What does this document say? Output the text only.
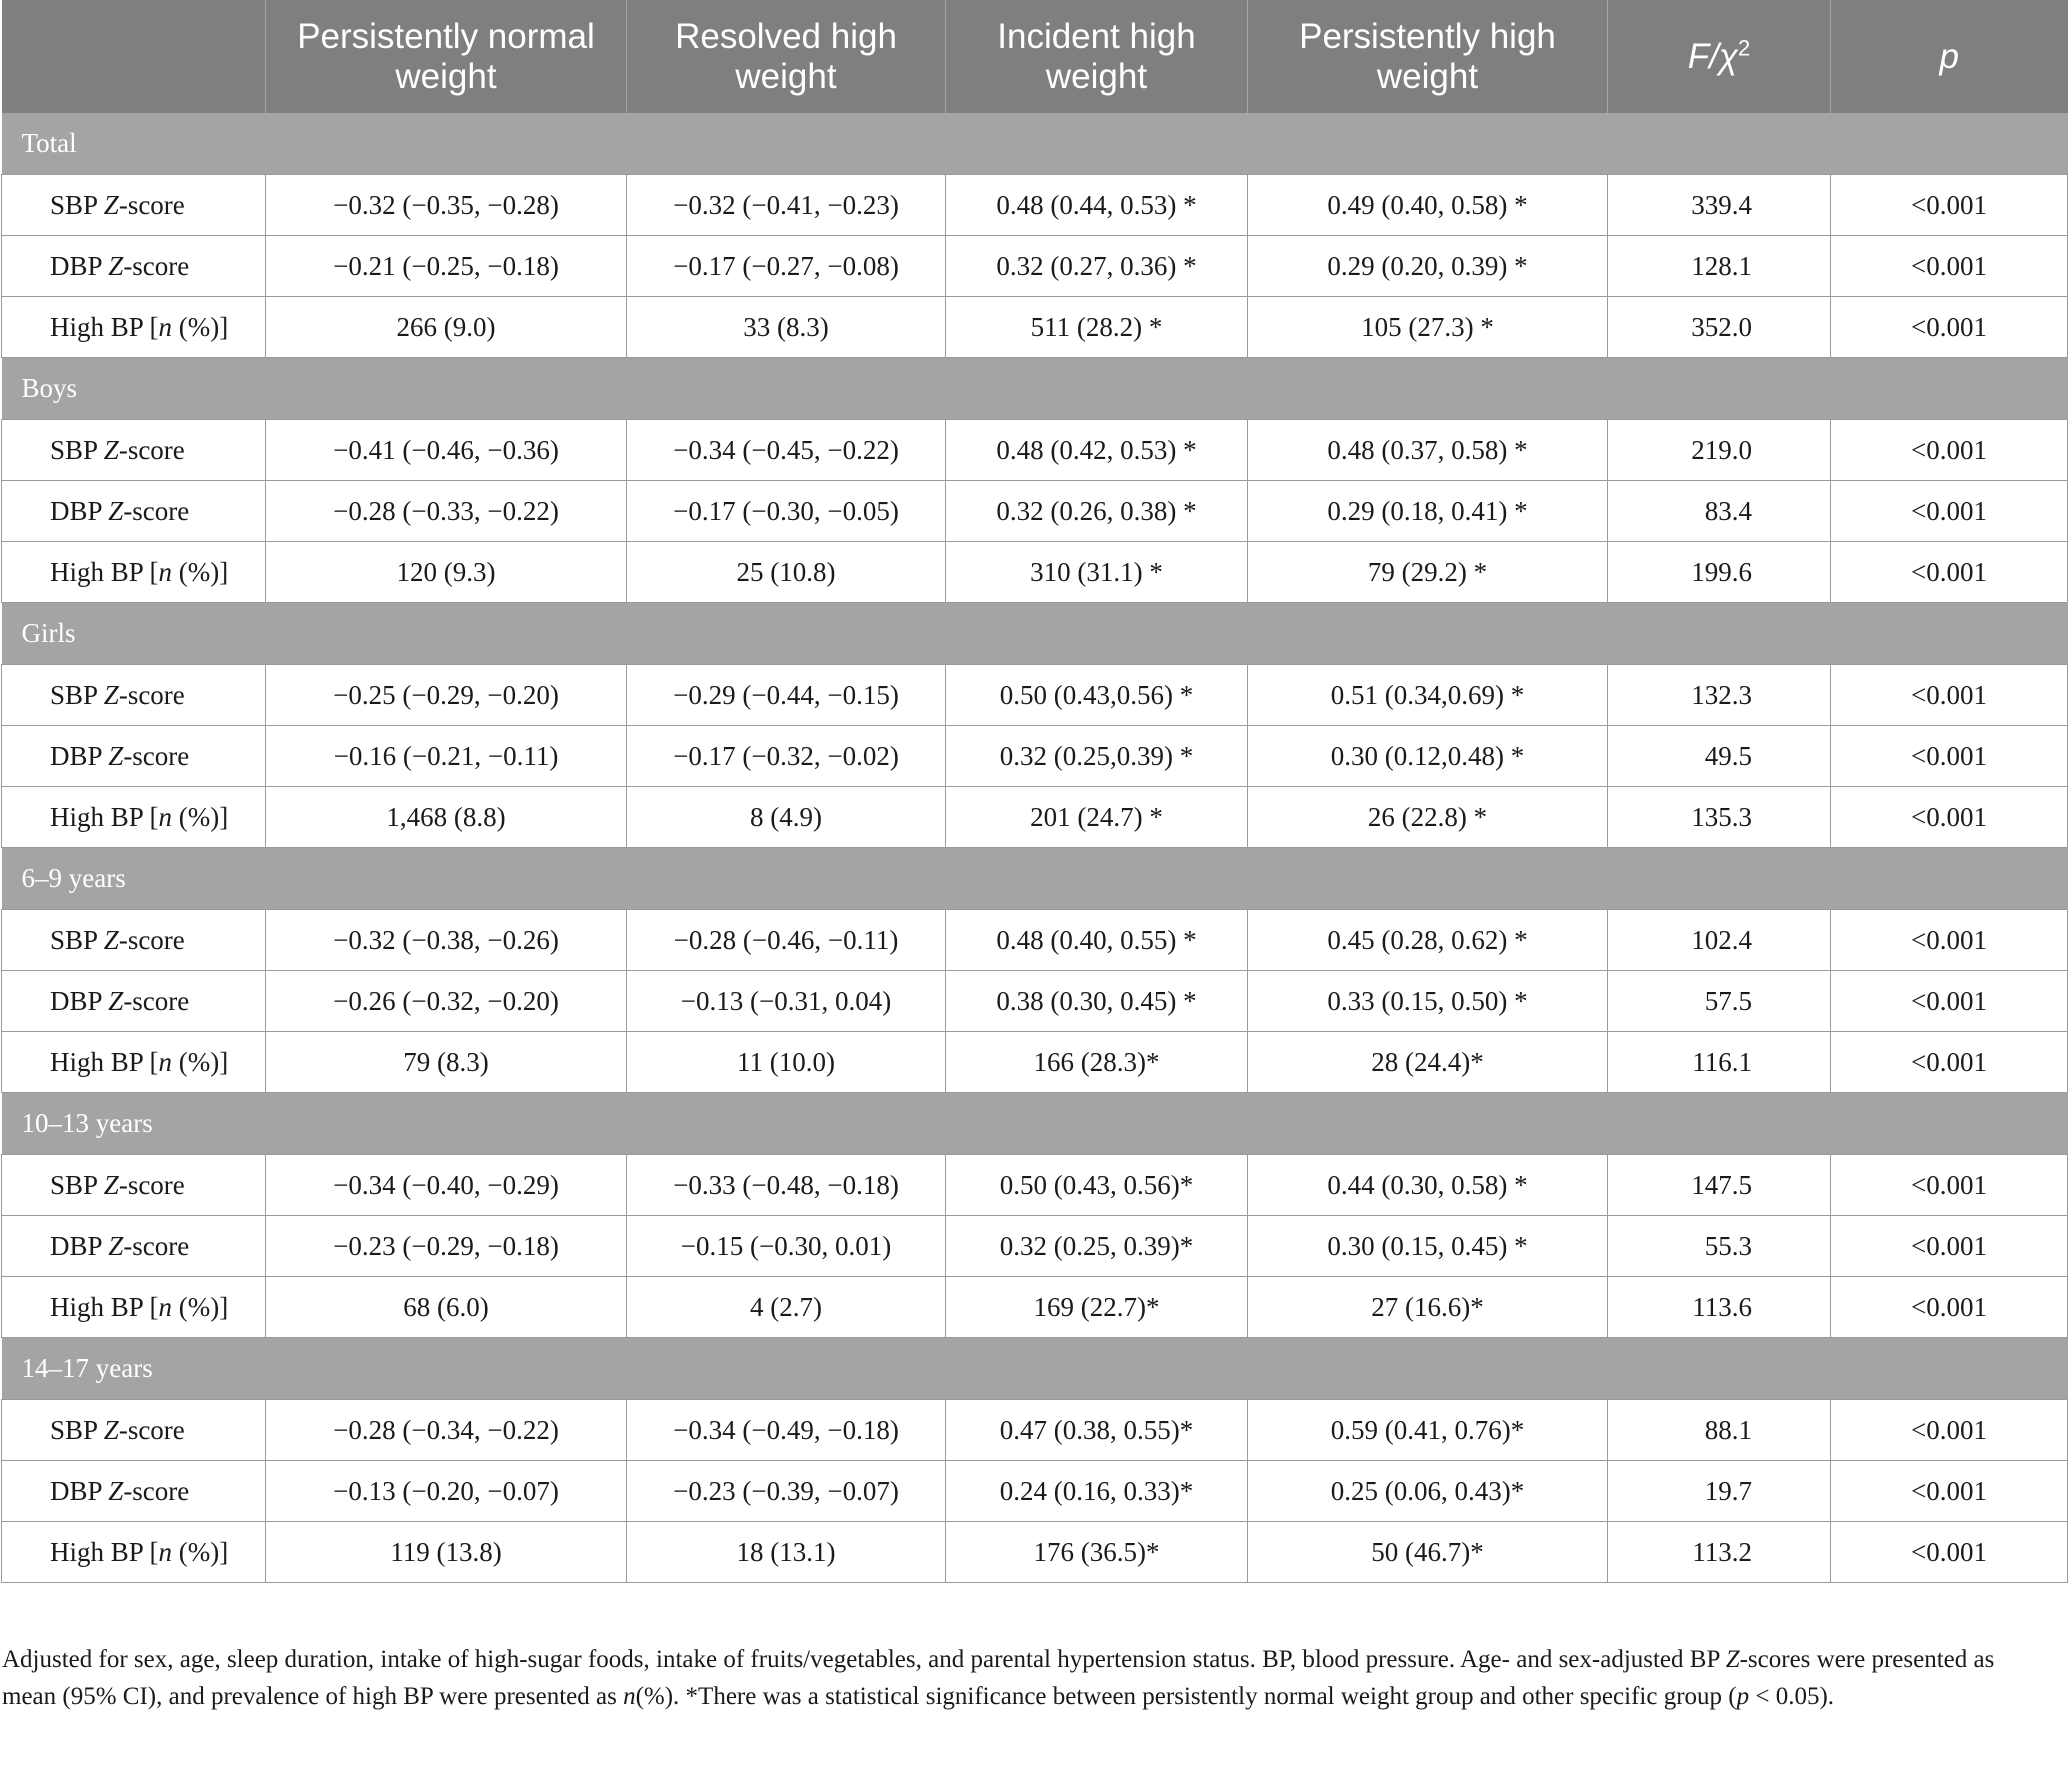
	Persistently normal weight	Resolved high weight	Incident high weight	Persistently high weight	$F/\chi^2$	p
Total						
SBP Z-score	−0.32 (−0.35, −0.28)	−0.32 (−0.41, −0.23)	0.48 (0.44, 0.53) *	0.49 (0.40, 0.58) *	339.4	<0.001
DBP Z-score	−0.21 (−0.25, −0.18)	−0.17 (−0.27, −0.08)	0.32 (0.27, 0.36) *	0.29 (0.20, 0.39) *	128.1	<0.001
High BP [n (%)]	266 (9.0)	33 (8.3)	511 (28.2) *	105 (27.3) *	352.0	<0.001
Boys						
SBP Z-score	−0.41 (−0.46, −0.36)	−0.34 (−0.45, −0.22)	0.48 (0.42, 0.53) *	0.48 (0.37, 0.58) *	219.0	<0.001
DBP Z-score	−0.28 (−0.33, −0.22)	−0.17 (−0.30, −0.05)	0.32 (0.26, 0.38) *	0.29 (0.18, 0.41) *	83.4	<0.001
High BP [n (%)]	120 (9.3)	25 (10.8)	310 (31.1) *	79 (29.2) *	199.6	<0.001
Girls						
SBP Z-score	−0.25 (−0.29, −0.20)	−0.29 (−0.44, −0.15)	0.50 (0.43,0.56) *	0.51 (0.34,0.69) *	132.3	<0.001
DBP Z-score	−0.16 (−0.21, −0.11)	−0.17 (−0.32, −0.02)	0.32 (0.25,0.39) *	0.30 (0.12,0.48) *	49.5	<0.001
High BP [n (%)]	1,468 (8.8)	8 (4.9)	201 (24.7) *	26 (22.8) *	135.3	<0.001
6–9 years						
SBP Z-score	−0.32 (−0.38, −0.26)	−0.28 (−0.46, −0.11)	0.48 (0.40, 0.55) *	0.45 (0.28, 0.62) *	102.4	<0.001
DBP Z-score	−0.26 (−0.32, −0.20)	−0.13 (−0.31, 0.04)	0.38 (0.30, 0.45) *	0.33 (0.15, 0.50) *	57.5	<0.001
High BP [n (%)]	79 (8.3)	11 (10.0)	166 (28.3)*	28 (24.4)*	116.1	<0.001
10–13 years						
SBP Z-score	−0.34 (−0.40, −0.29)	−0.33 (−0.48, −0.18)	0.50 (0.43, 0.56)*	0.44 (0.30, 0.58) *	147.5	<0.001
DBP Z-score	−0.23 (−0.29, −0.18)	−0.15 (−0.30, 0.01)	0.32 (0.25, 0.39)*	0.30 (0.15, 0.45) *	55.3	<0.001
High BP [n (%)]	68 (6.0)	4 (2.7)	169 (22.7)*	27 (16.6)*	113.6	<0.001
14–17 years						
SBP Z-score	−0.28 (−0.34, −0.22)	−0.34 (−0.49, −0.18)	0.47 (0.38, 0.55)*	0.59 (0.41, 0.76)*	88.1	<0.001
DBP Z-score	−0.13 (−0.20, −0.07)	−0.23 (−0.39, −0.07)	0.24 (0.16, 0.33)*	0.25 (0.06, 0.43)*	19.7	<0.001
High BP [n (%)]	119 (13.8)	18 (13.1)	176 (36.5)*	50 (46.7)*	113.2	<0.001
Adjusted for sex, age, sleep duration, intake of high-sugar foods, intake of fruits/vegetables, and parental hypertension status. BP, blood pressure. Age- and sex-adjusted BP Z-scores were presented as mean (95% CI), and prevalence of high BP were presented as n(%). *There was a statistical significance between persistently normal weight group and other specific group (p < 0.05).
